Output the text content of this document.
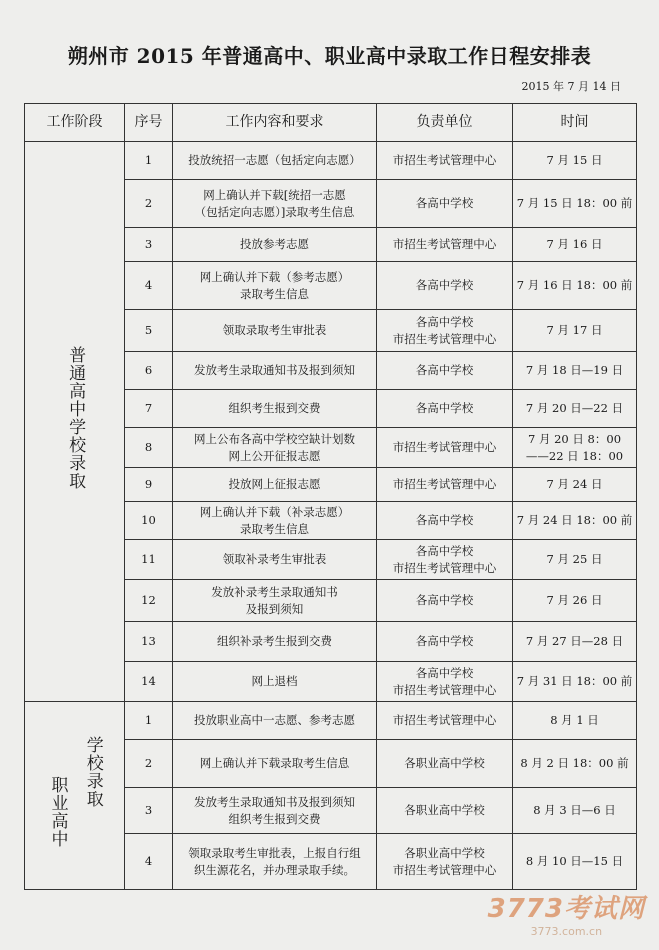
朔州市 2015 年普通高中、职业高中录取工作日程安排表
2015 年 7 月 14 日
工作阶段	序号	工作内容和要求	负责单位	时间
普通高中学校录取	1	投放统招一志愿（包括定向志愿）	市招生考试管理中心	7 月 15 日
	2	网上确认并下载[统招一志愿
（包括定向志愿）]录取考生信息	各高中学校	7 月 15 日 18：00 前
	3	投放参考志愿	市招生考试管理中心	7 月 16 日
	4	网上确认并下载（参考志愿）
录取考生信息	各高中学校	7 月 16 日 18：00 前
	5	领取录取考生审批表	各高中学校
市招生考试管理中心	7 月 17 日
	6	发放考生录取通知书及报到须知	各高中学校	7 月 18 日—19 日
	7	组织考生报到交费	各高中学校	7 月 20 日—22 日
	8	网上公布各高中学校空缺计划数
网上公开征报志愿	市招生考试管理中心	7 月 20 日 8：00
——22 日 18：00
	9	投放网上征报志愿	市招生考试管理中心	7 月 24 日
	10	网上确认并下载（补录志愿）
录取考生信息	各高中学校	7 月 24 日 18：00 前
	11	领取补录考生审批表	各高中学校
市招生考试管理中心	7 月 25 日
	12	发放补录考生录取通知书
及报到须知	各高中学校	7 月 26 日
	13	组织补录考生报到交费	各高中学校	7 月 27 日—28 日
	14	网上退档	各高中学校
市招生考试管理中心	7 月 31 日 18：00 前

学校录取
职业高中	1	投放职业高中一志愿、参考志愿	市招生考试管理中心	8 月 1 日
	2	网上确认并下载录取考生信息	各职业高中学校	8 月 2 日 18：00 前
	3	发放考生录取通知书及报到须知
组织考生报到交费	各职业高中学校	8 月 3 日—6 日
	4	领取录取考生审批表，上报自行组
织生源花名，并办理录取手续。	各职业高中学校
市招生考试管理中心	8 月 10 日—15 日
3773考试网
3773.com.cn
